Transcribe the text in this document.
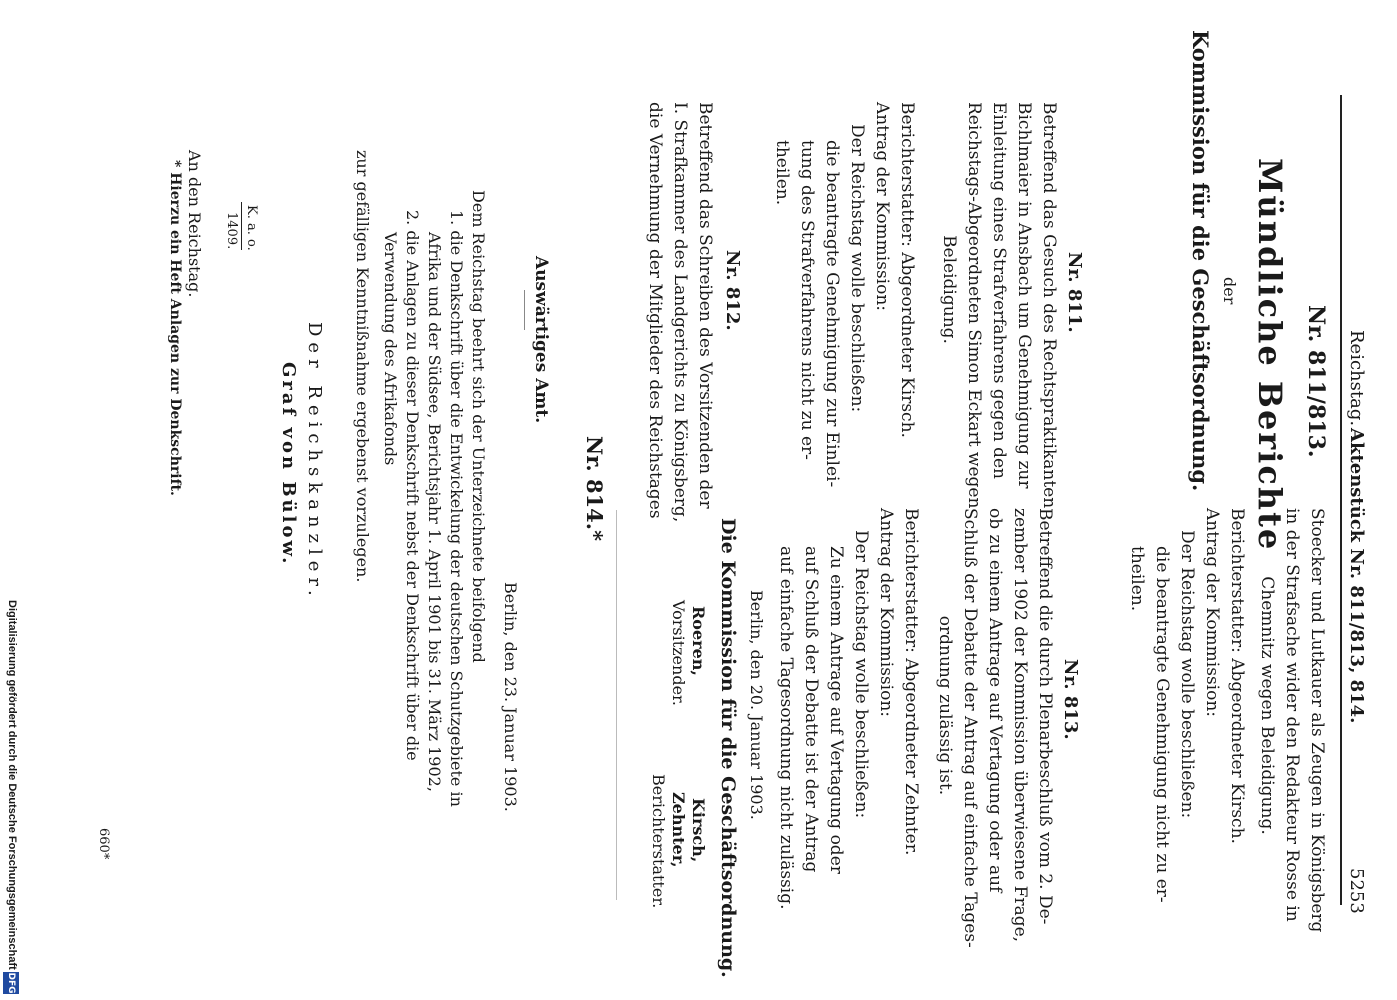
Reichstag.
Aktenstück Nr. 811/813, 814.
5253
Nr. 811/813.
Mündliche Berichte
der
Kommission für die Geschäftsordnung.
Nr. 811.
Betreffend das Gesuch des Rechtspraktikanten
Bichlmaier in Ansbach um Genehmigung zur
Einleitung eines Strafverfahrens gegen den
Reichstags-Abgeordneten Simon Eckart wegen
Beleidigung.
Berichterstatter: Abgeordneter Kirsch.
Antrag der Kommission:
Der Reichstag wolle beschließen:
die beantragte Genehmigung zur Einlei-
tung des Strafverfahrens nicht zu er-
theilen.
Nr. 812.
Betreffend das Schreiben des Vorsitzenden der
I. Strafkammer des Landgerichts zu Königsberg,
die Vernehmung der Mitglieder des Reichstages
Stoecker und Lutkauer als Zeugen in Königsberg
in der Strafsache wider den Redakteur Rosse in
Chemnitz wegen Beleidigung.
Berichterstatter: Abgeordneter Kirsch.
Antrag der Kommission:
Der Reichstag wolle beschließen:
die beantragte Genehmigung nicht zu er-
theilen.
Nr. 813.
Betreffend die durch Plenarbeschluß vom 2. De-
zember 1902 der Kommission überwiesene Frage,
ob zu einem Antrage auf Vertagung oder auf
Schluß der Debatte der Antrag auf einfache Tages-
ordnung zulässig ist.
Berichterstatter: Abgeordneter Zehnter.
Antrag der Kommission:
Der Reichstag wolle beschließen:
Zu einem Antrage auf Vertagung oder
auf Schluß der Debatte ist der Antrag
auf einfache Tagesordnung nicht zulässig.
Berlin, den 20. Januar 1903.
Die Kommission für die Geschäftsordnung.
Roeren,
Vorsitzender.
Kirsch,
Zehnter,
Berichterstatter.
Nr. 814.*
Auswärtiges Amt.
Berlin, den 23. Januar 1903.
Dem Reichstag beehrt sich der Unterzeichnete beifolgend
1. die Denkschrift über die Entwickelung der deutschen Schutzgebiete in
Afrika und der Südsee, Berichtsjahr 1. April 1901 bis 31. März 1902,
2. die Anlagen zu dieser Denkschrift nebst der Denkschrift über die
Verwendung des Afrikafonds
zur gefälligen Kenntnißnahme ergebenst vorzulegen.
Der Reichskanzler.
Graf von Bülow.
K. a. o.
1409.
An den Reichstag.
* Hierzu ein Heft Anlagen zur Denkschrift.
660*
Digitalisierung gefördert durch die Deutsche Forschungsgemeinschaft
DFG
